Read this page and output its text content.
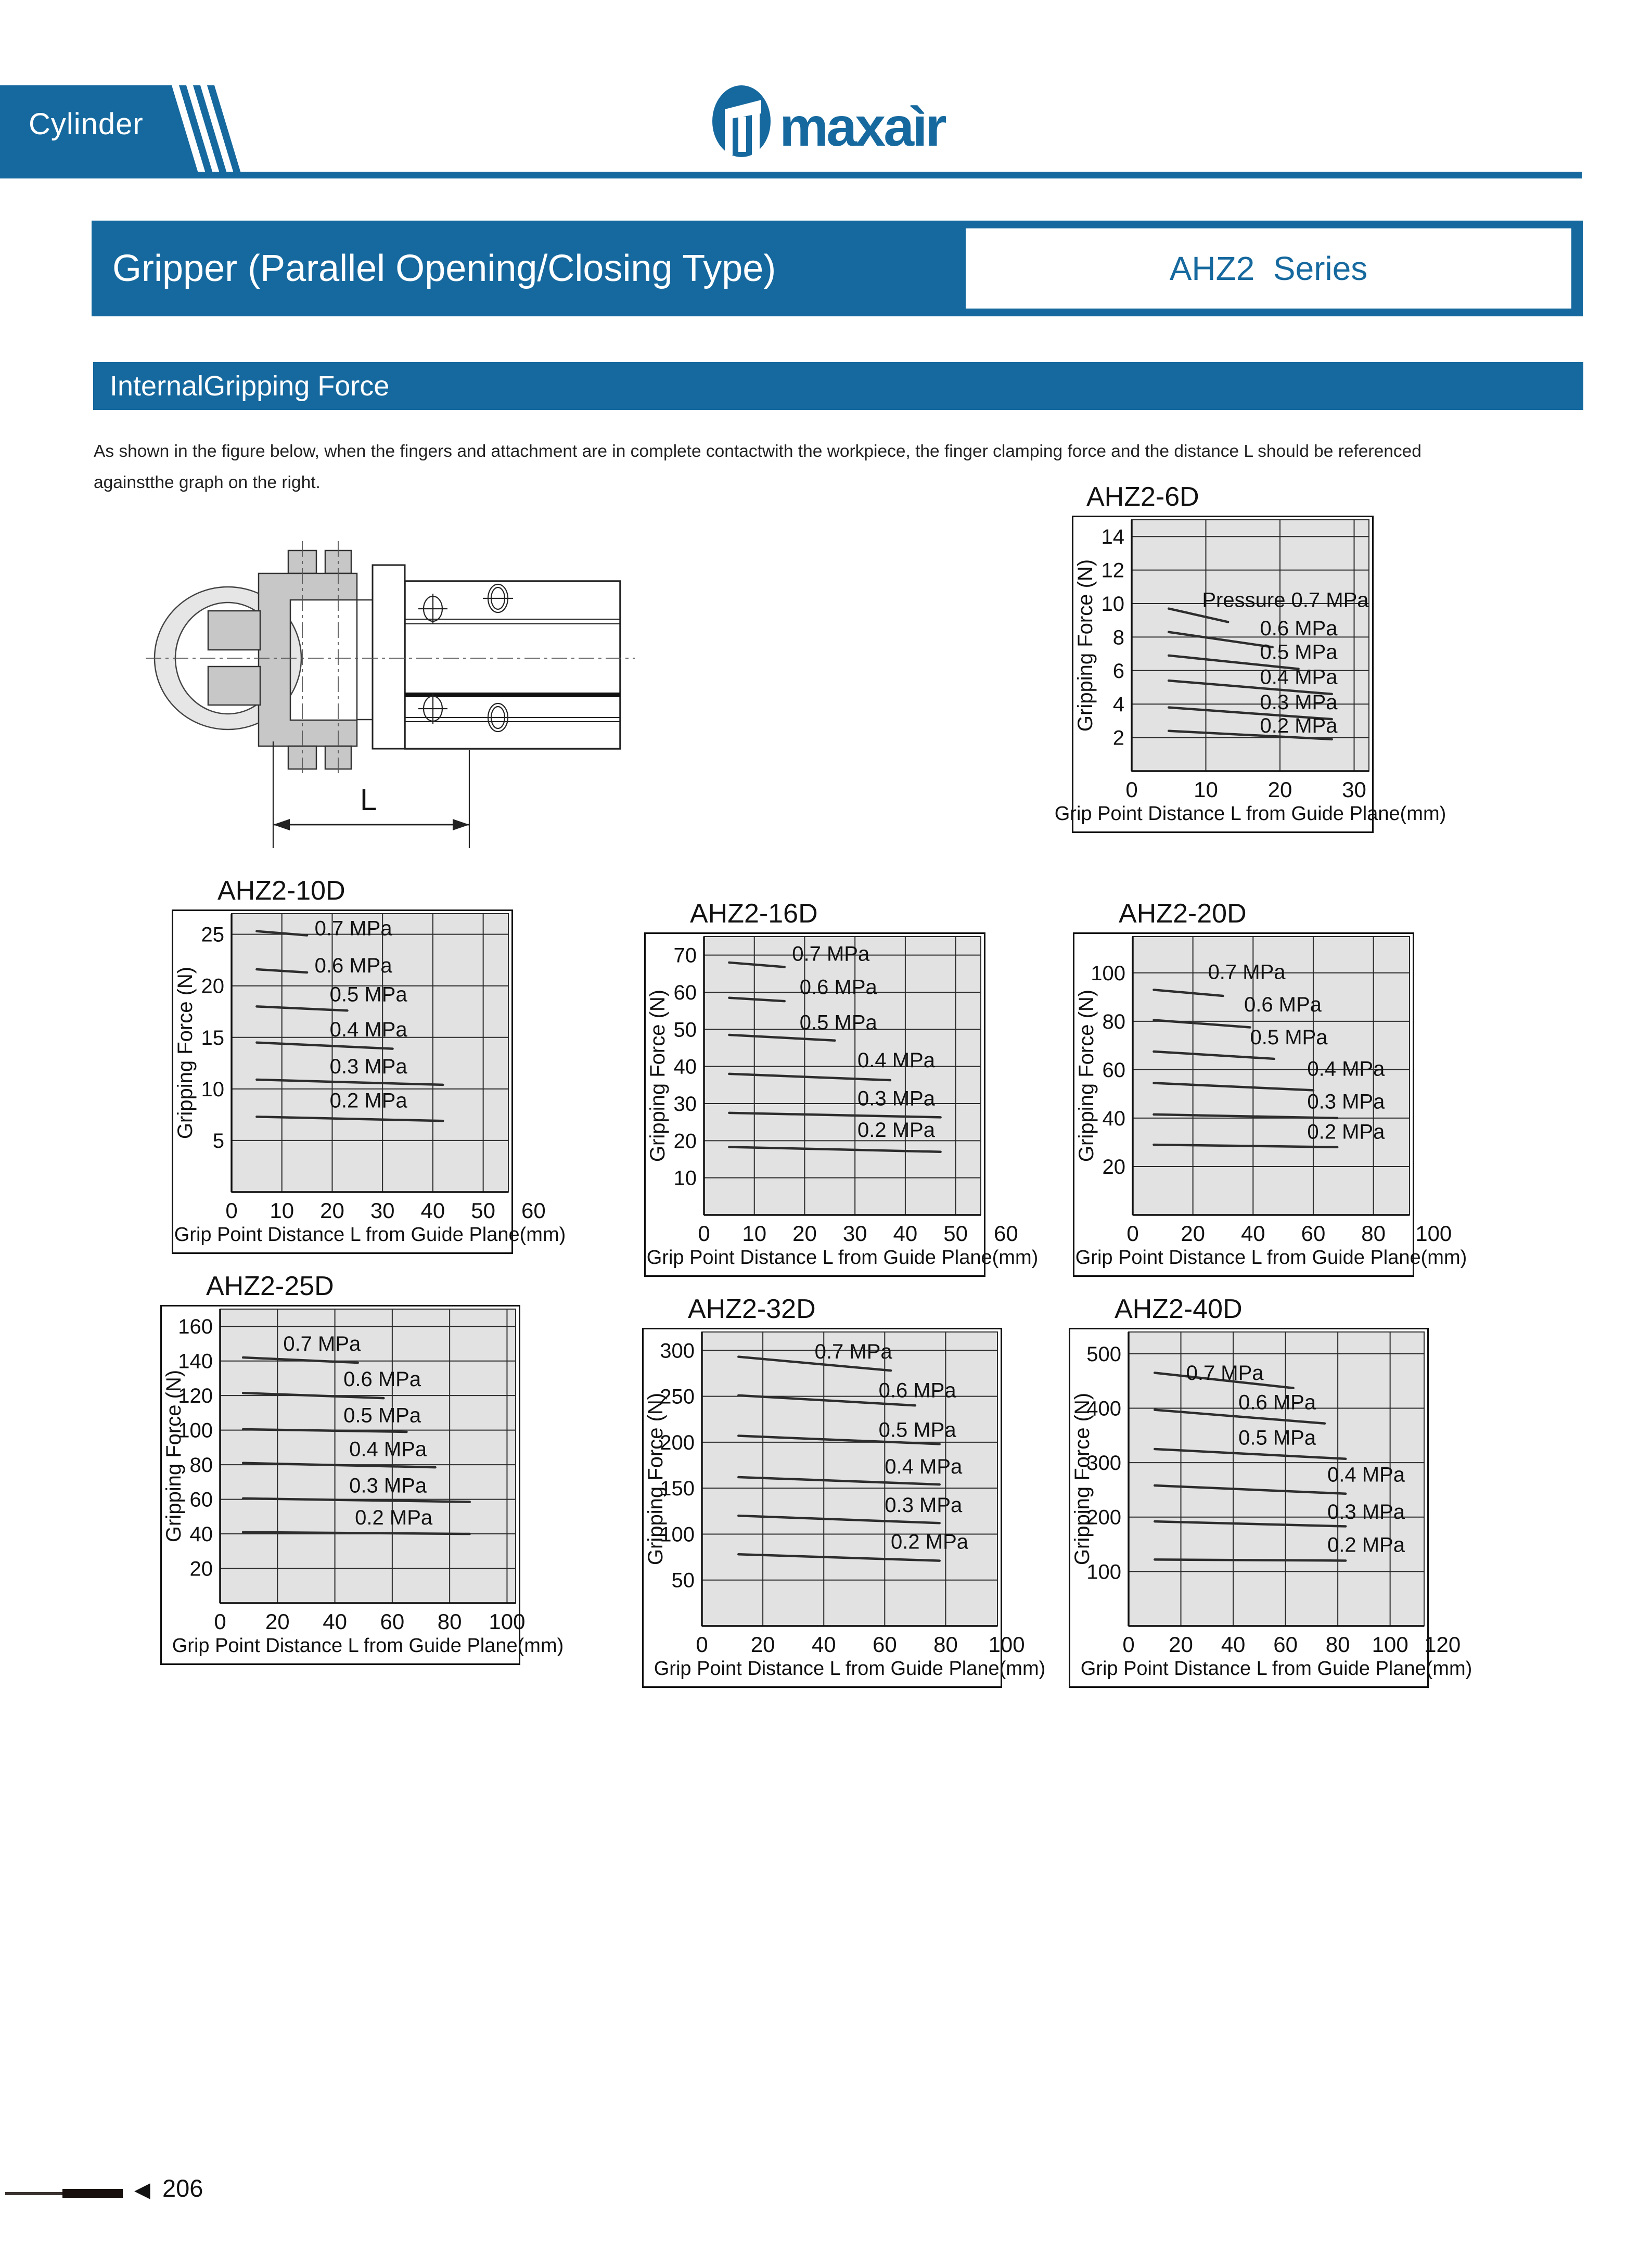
Cylinder	maxaìr
Gripper (Parallel Opening/Closing Type)	AHZ2  Series
InternalGripping Force
As shown in the figure below, when the fingers and attachment are in complete contactwith the workpiece, the finger clamping force and the distance L should be referenced
againstthe graph on the right.
L
AHZ2-6D
2
4
6
8
10
12
14
0	10 20 30
Gripping Force (N)
Grip Point Distance L from Guide Plane(mm)
Pressure 0.7 MPa
0.6 MPa
0.5 MPa
0.4 MPa
0.3 MPa
0.2 MPa
AHZ2-10D
5
10
15
20
25
0 10 20 30 40 50 60
Gripping Force (N)
Grip Point Distance L from Guide Plane(mm)
0.7 MPa
0.6 MPa
0.5 MPa
0.4 MPa
0.3 MPa
0.2 MPa
AHZ2-16D
10
20
30
40
50
60
70
0 10 20 30 40 50 60
Gripping Force (N)
Grip Point Distance L from Guide Plane(mm)
0.7 MPa
0.6 MPa
0.5 MPa
0.4 MPa
0.3 MPa
0.2 MPa
AHZ2-20D
20
40
60
80
100
0 20 40 60 80 100
Gripping Force (N)
Grip Point Distance L from Guide Plane(mm)
0.7 MPa
0.6 MPa
0.5 MPa
0.4 MPa
0.3 MPa
0.2 MPa
AHZ2-25D
20
40
60
80
100
120
140
160
0 20 40 60 80 100
Gripping Force (N)
Grip Point Distance L from Guide Plane(mm)
0.7 MPa
0.6 MPa
0.5 MPa
0.4 MPa
0.3 MPa
0.2 MPa
AHZ2-32D
50
100
150
200
250
300
0 20 40 60 80 100
Gripping Force (N)
Grip Point Distance L from Guide Plane(mm)
0.7 MPa
0.6 MPa
0.5 MPa
0.4 MPa
0.3 MPa
0.2 MPa
AHZ2-40D
100
200
300
400
500
0 20 40 60 80 100 120
Gripping Force (N)
Grip Point Distance L from Guide Plane(mm)
0.7 MPa
0.6 MPa
0.5 MPa
0.4 MPa
0.3 MPa
0.2 MPa
◀ 206
